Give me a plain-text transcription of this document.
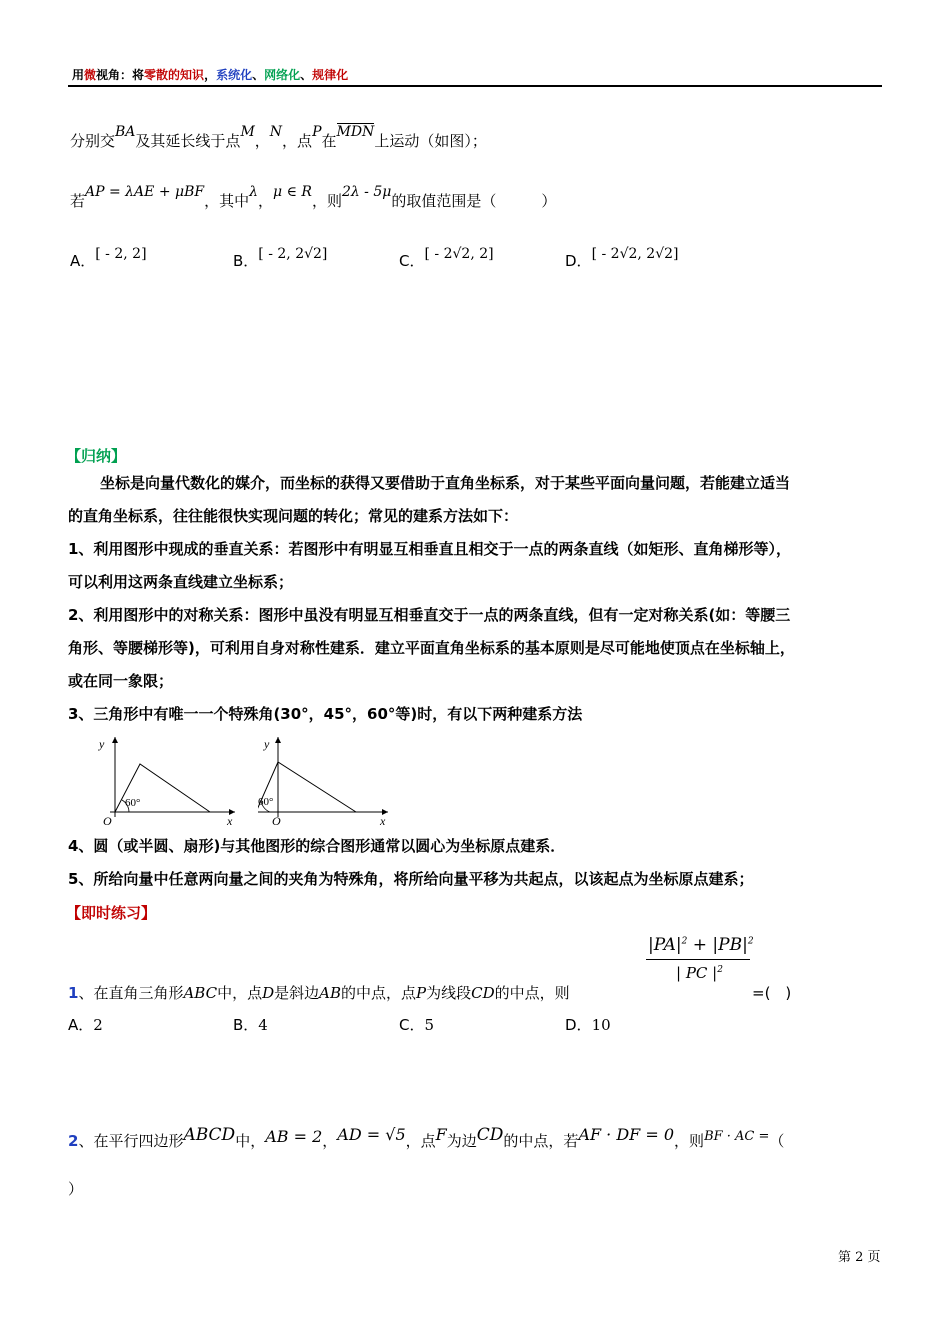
用微视角：将零散的知识，系统化、网络化、规律化
分别交BA及其延长线于点M，N，点P在MDN上运动（如图）；
若AP = λAE + μBF，其中λ，μ ∈ R，则2λ - 5μ的取值范围是（　　　）
A．[ - 2, 2]	B．[ - 2, 2√2]	C．[ - 2√2, 2]	D．[ - 2√2, 2√2]
【归纳】
坐标是向量代数化的媒介，而坐标的获得又要借助于直角坐标系，对于某些平面向量问题，若能建立适当
的直角坐标系，往往能很快实现问题的转化；常见的建系方法如下：
1、利用图形中现成的垂直关系：若图形中有明显互相垂直且相交于一点的两条直线（如矩形、直角梯形等），
可以利用这两条直线建立坐标系；
2、利用图形中的对称关系：图形中虽没有明显互相垂直交于一点的两条直线，但有一定对称关系(如：等腰三
角形、等腰梯形等)，可利用自身对称性建系．建立平面直角坐标系的基本原则是尽可能地使顶点在坐标轴上，
或在同一象限；
3、三角形中有唯一一个特殊角(30°，45°，60°等)时，有以下两种建系方法
y
x
O
60°
y
x
O
60°
4、圆（或半圆、扇形)与其他图形的综合图形通常以圆心为坐标原点建系．
5、所给向量中任意两向量之间的夹角为特殊角，将所给向量平移为共起点，以该起点为坐标原点建系；
【即时练习】
$|PA|^2 + |PB|^2$
| PC $|^2$
1、在直角三角形ABC中，点D是斜边AB的中点，点P为线段CD的中点，则	=(　)
A．2	B．4	C．5	D．10
2、在平行四边形ABCD中，AB = 2，AD = √5，点F为边CD的中点，若AF · DF = 0，则BF · AC =（
）
第 2 页
